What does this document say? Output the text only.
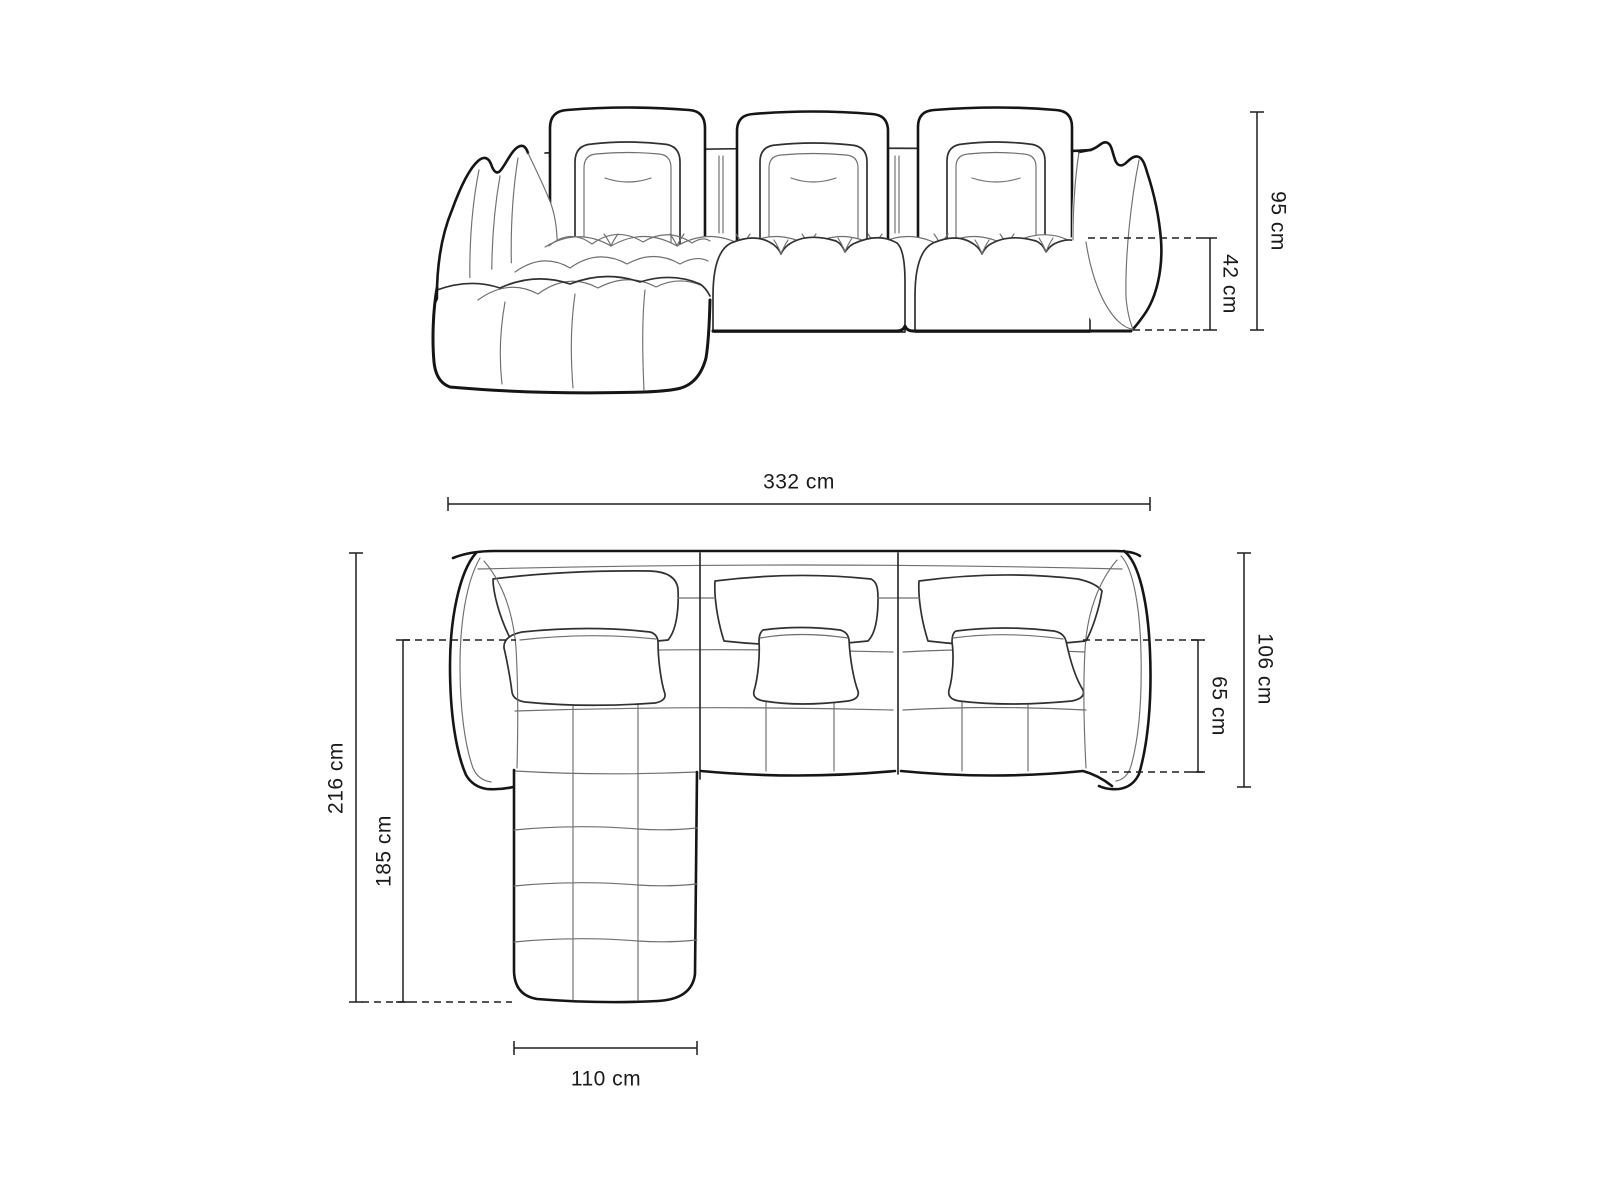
42 cm
95 cm
332 cm
216 cm
185 cm
110 cm
65 cm
106 cm
